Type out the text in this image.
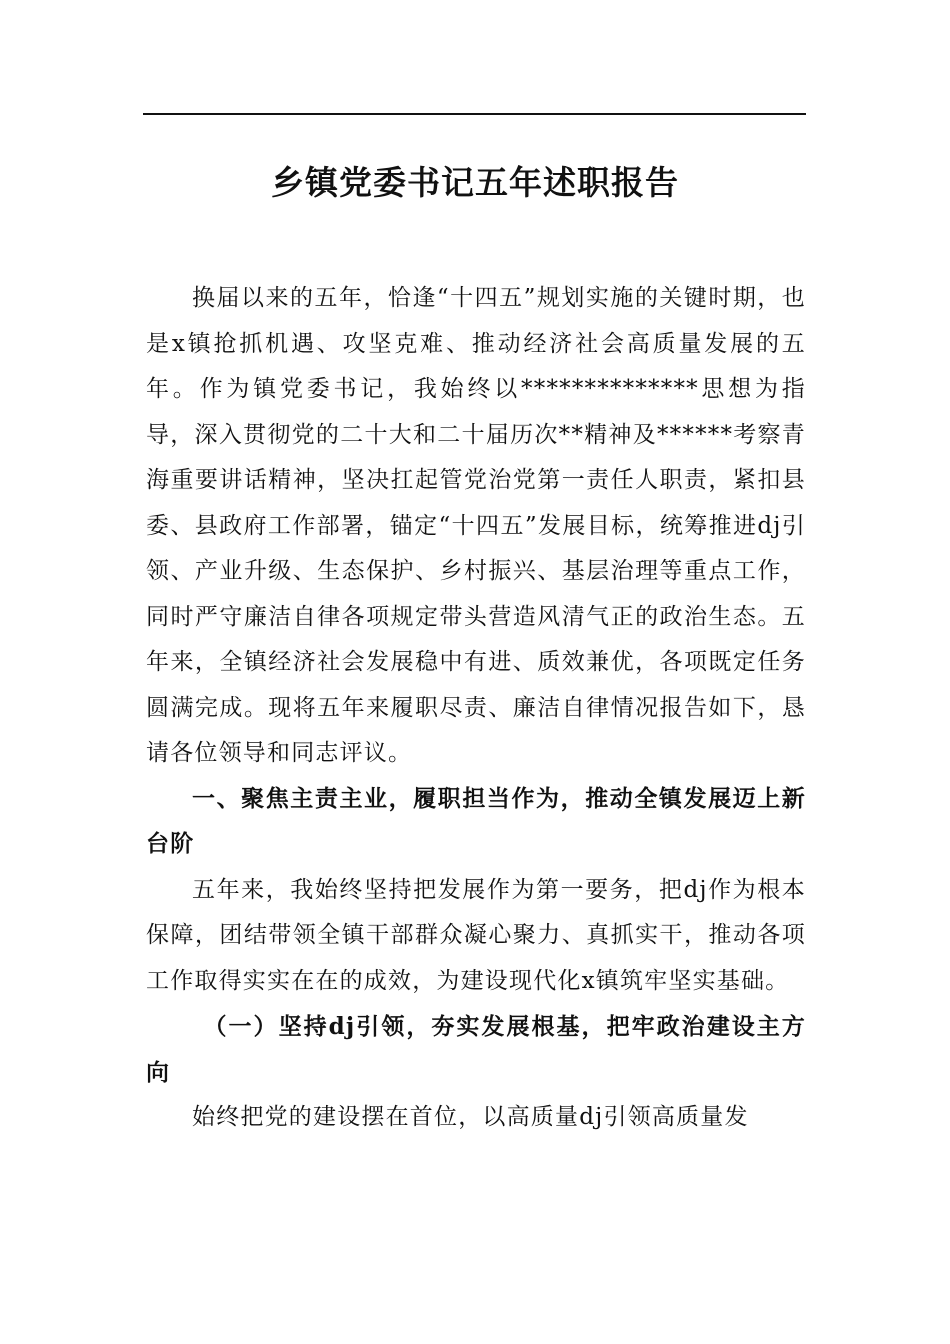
乡镇党委书记五年述职报告

换届以来的五年，恰逢“十四五”规划实施的关键时期，也是x镇抢抓机遇、攻坚克难、推动经济社会高质量发展的五年。作为镇党委书记，我始终以**************思想为指导，深入贯彻党的二十大和二十届历次**精神及******考察青海重要讲话精神，坚决扛起管党治党第一责任人职责，紧扣县委、县政府工作部署，锚定“十四五”发展目标，统筹推进dj引领、产业升级、生态保护、乡村振兴、基层治理等重点工作，同时严守廉洁自律各项规定带头营造风清气正的政治生态。五年来，全镇经济社会发展稳中有进、质效兼优，各项既定任务圆满完成。现将五年来履职尽责、廉洁自律情况报告如下，恳请各位领导和同志评议。

一、聚焦主责主业，履职担当作为，推动全镇发展迈上新台阶

五年来，我始终坚持把发展作为第一要务，把dj作为根本保障，团结带领全镇干部群众凝心聚力、真抓实干，推动各项工作取得实实在在的成效，为建设现代化x镇筑牢坚实基础。

（一）坚持dj引领，夯实发展根基，把牢政治建设主方向

始终把党的建设摆在首位，以高质量dj引领高质量发
